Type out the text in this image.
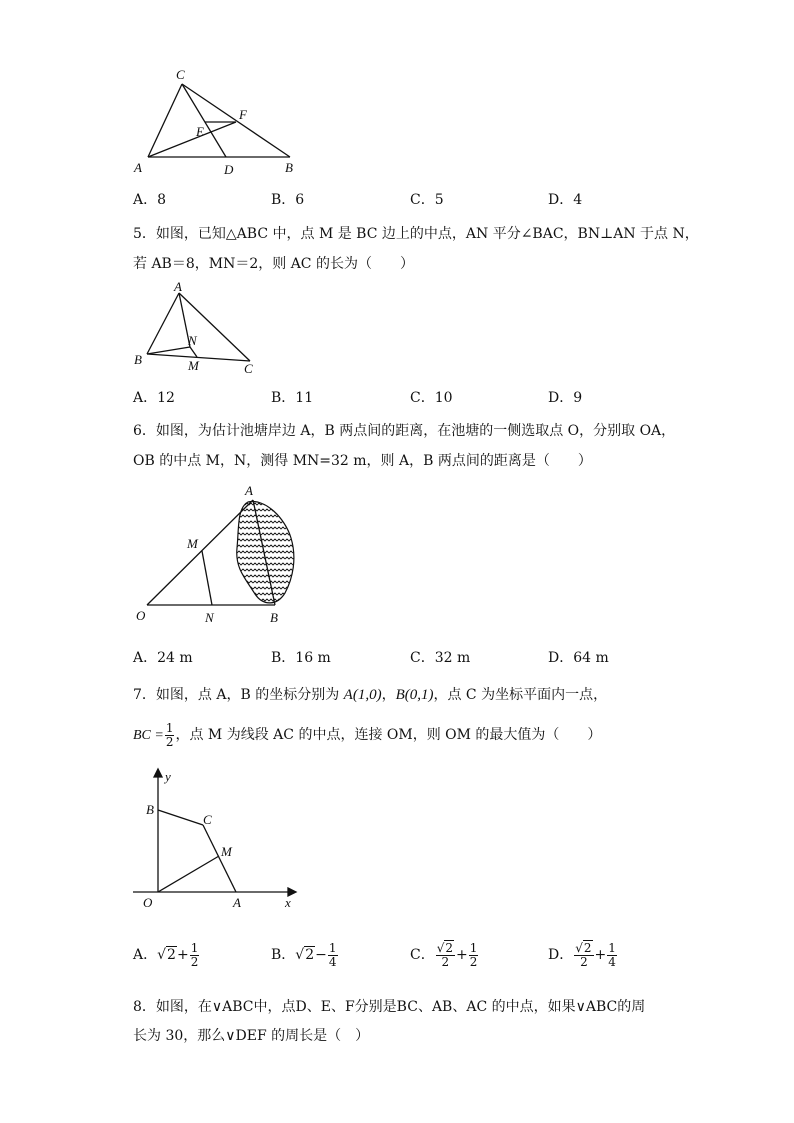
C
F
E
A	D	B
A．8	B．6	C．5	D．4
5．如图，已知△ABC 中，点 M 是 BC 边上的中点，AN 平分∠BAC，BN⊥AN 于点 N，
若 AB＝8，MN＝2，则 AC 的长为（　　）
A
N
B	M	C
A．12	B．11	C．10	D．9
6．如图，为估计池塘岸边 A，B 两点间的距离，在池塘的一侧选取点 O，分别取 OA，
OB 的中点 M，N，测得 MN=32 m，则 A，B 两点间的距离是（　　）
A
M
O	N	B
A．24 m	B．16 m	C．32 m	D．64 m
7．如图，点 A，B 的坐标分别为 A(1,0)，B(0,1)，点 C 为坐标平面内一点，
BC = $\frac{1}{2}$ ，点 M 为线段 AC 的中点，连接 OM，则 OM 的最大值为（　　）
y
B
C
M
O	A	x
A．$√2+ \frac{1}{2}$	B．$√2- \frac{1}{4}$	C． $\frac{√2}{2} + \frac{1}{2}$	D． $\frac{√2}{2} + \frac{1}{4}$
8．如图，在∨ABC中，点D、E、F分别是BC、AB、AC 的中点，如果∨ABC的周
长为 30，那么∨DEF 的周长是（　）
